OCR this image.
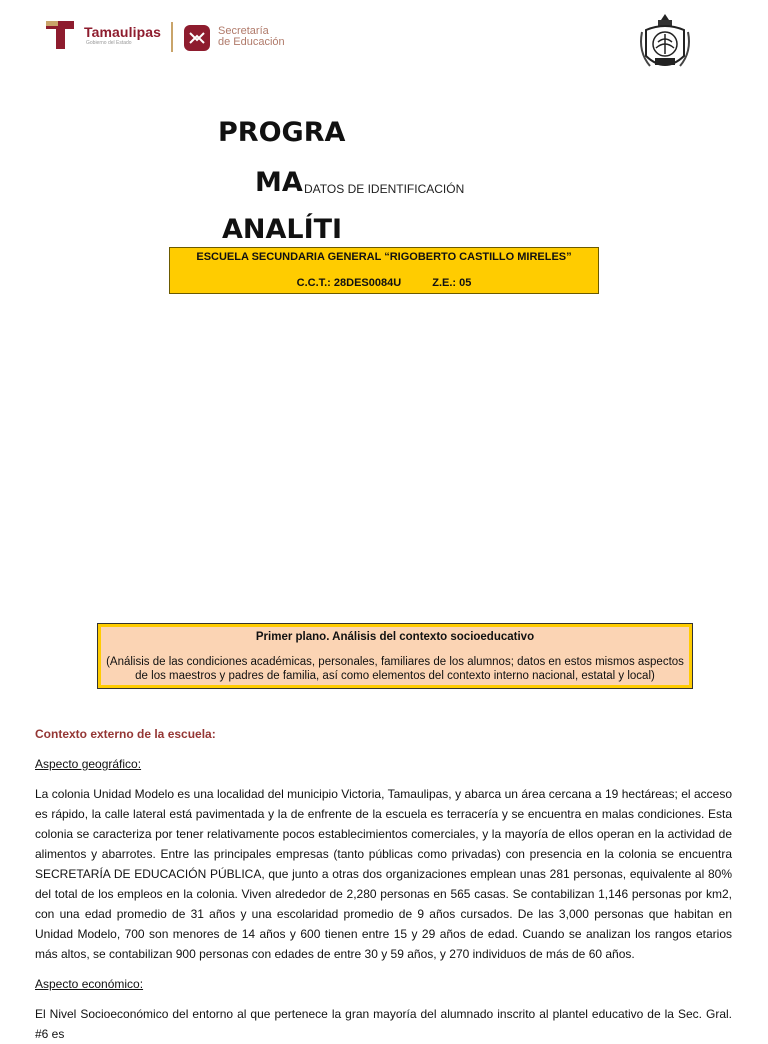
Tamaulipas
Gobierno del Estado
Secretaría
de Educación
PROGRA
MA DATOS DE IDENTIFICACIÓN
ANALÍTI
ESCUELA SECUNDARIA GENERAL “RIGOBERTO CASTILLO MIRELES”
C.C.T.: 28DES0084U	Z.E.: 05
Primer plano. Análisis del contexto socioeducativo
(Análisis de las condiciones académicas, personales, familiares de los alumnos; datos en estos mismos aspectos de los maestros y padres de familia, así como elementos del contexto interno nacional, estatal y local)
Contexto externo de la escuela:
Aspecto geográfico:
La colonia Unidad Modelo es una localidad del municipio Victoria, Tamaulipas, y abarca un área cercana a 19 hectáreas; el acceso es rápido, la calle lateral está pavimentada y la de enfrente de la escuela es terracería y se encuentra en malas condiciones. Esta colonia se caracteriza por tener relativamente pocos establecimientos comerciales, y la mayoría de ellos operan en la actividad de alimentos y abarrotes. Entre las principales empresas (tanto públicas como privadas) con presencia en la colonia se encuentra SECRETARÍA DE EDUCACIÓN PÚBLICA, que junto a otras dos organizaciones emplean unas 281 personas, equivalente al 80% del total de los empleos en la colonia. Viven alrededor de 2,280 personas en 565 casas. Se contabilizan 1,146 personas por km2, con una edad promedio de 31 años y una escolaridad promedio de 9 años cursados. De las 3,000 personas que habitan en Unidad Modelo, 700 son menores de 14 años y 600 tienen entre 15 y 29 años de edad. Cuando se analizan los rangos etarios más altos, se contabilizan 900 personas con edades de entre 30 y 59 años, y 270 individuos de más de 60 años.
Aspecto económico:
El Nivel Socioeconómico del entorno al que pertenece la gran mayoría del alumnado inscrito al plantel educativo de la Sec. Gral. #6 es
